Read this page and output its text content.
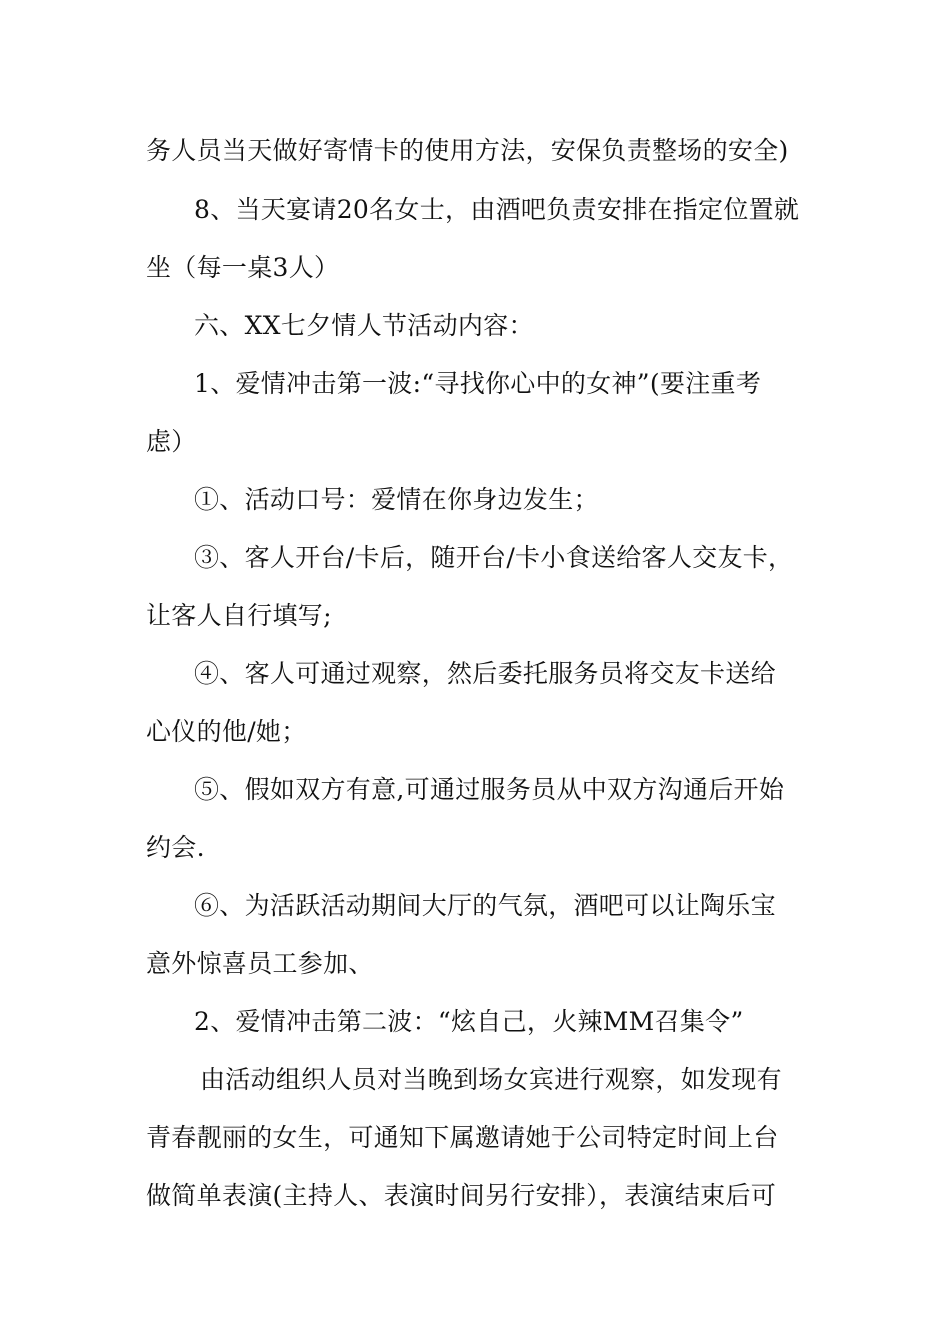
务人员当天做好寄情卡的使用方法，安保负责整场的安全)
8、当天宴请20名女士，由酒吧负责安排在指定位置就
坐（每一桌3人）
六、XX七夕情人节活动内容：
1、爱情冲击第一波:“寻找你心中的女神”(要注重考
虑）
①、活动口号：爱情在你身边发生；
③、客人开台/卡后，随开台/卡小食送给客人交友卡，
让客人自行填写;
④、客人可通过观察，然后委托服务员将交友卡送给
心仪的他/她；
⑤、假如双方有意,可通过服务员从中双方沟通后开始
约会.
⑥、为活跃活动期间大厅的气氛，酒吧可以让陶乐宝
意外惊喜员工参加、
2、爱情冲击第二波：“炫自己，火辣MM召集令”
由活动组织人员对当晚到场女宾进行观察，如发现有
青春靓丽的女生，可通知下属邀请她于公司特定时间上台
做简单表演(主持人、表演时间另行安排），表演结束后可
